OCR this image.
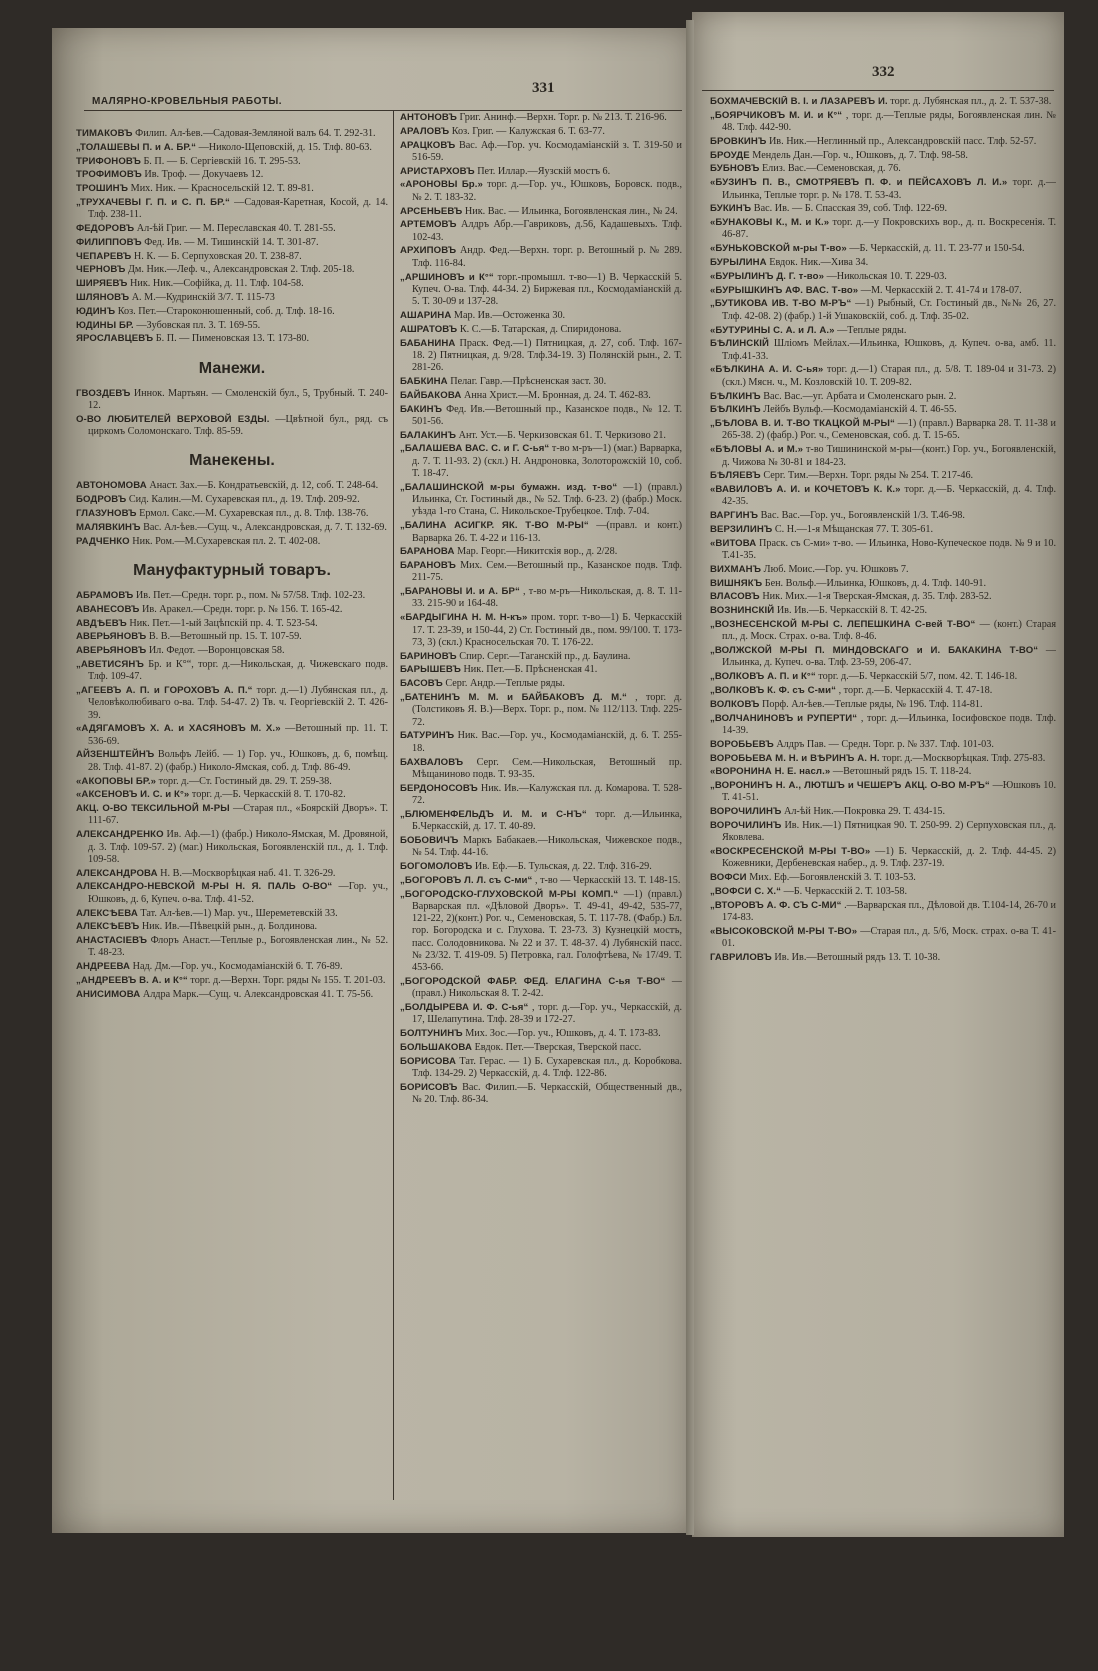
МАЛЯРНО-КРОВЕЛЬНЫЯ РАБОТЫ.
331
332
ТИМАКОВЪ Филип. Ал-ѣев.—Садовая-Земляной валъ 64. Т. 292-31.
„ТОЛАШЕВЫ П. и А. БР.“ —Николо-Щеповскій, д. 15. Тлф. 80-63.
ТРИФОНОВЪ Б. П. — Б. Сергіевскій 16. Т. 295-53.
ТРОФИМОВЪ Ив. Троф. — Докучаевъ 12.
ТРОШИНЪ Мих. Ник. — Красносельскій 12. Т. 89-81.
„ТРУХАЧЕВЫ Г. П. и С. П. БР.“ —Садовая-Каретная, Косой, д. 14. Тлф. 238-11.
ФЕДОРОВЪ Ал-ѣй Григ. — М. Переславская 40. Т. 281-55.
ФИЛИППОВЪ Фед. Ив. — М. Тишинскій 14. Т. 301-87.
ЧЕПАРЕВЪ Н. К. — Б. Серпуховская 20. Т. 238-87.
ЧЕРНОВЪ Дм. Ник.—Леф. ч., Александровская 2. Тлф. 205-18.
ШИРЯЕВЪ Ник. Ник.—Софійка, д. 11. Тлф. 104-58.
ШЛЯНОВЪ А. М.—Кудринскій 3/7. Т. 115-73
ЮДИНЪ Коз. Пет.—Староконюшенный, соб. д. Тлф. 18-16.
ЮДИНЫ БР. —Зубовская пл. 3. Т. 169-55.
ЯРОСЛАВЦЕВЪ Б. П. — Пименовская 13. Т. 173-80.
Манежи.
ГВОЗДЕВЪ Иннок. Мартьян. — Смоленскій бул., 5, Трубный. Т. 240-12.
О-ВО ЛЮБИТЕЛЕЙ ВЕРХОВОЙ ЕЗДЫ. —Цвѣтной бул., ряд. съ циркомъ Соломонскаго. Тлф. 85-59.
Манекены.
АВТОНОМОВА Анаст. Зах.—Б. Кондратьевскій, д. 12, соб. Т. 248-64.
БОДРОВЪ Сид. Калин.—М. Сухаревская пл., д. 19. Тлф. 209-92.
ГЛАЗУНОВЪ Ермол. Сакс.—М. Сухаревская пл., д. 8. Тлф. 138-76.
МАЛЯВКИНЪ Вас. Ал-ѣев.—Сущ. ч., Александровская, д. 7. Т. 132-69.
РАДЧЕНКО Ник. Ром.—М.Сухаревская пл. 2. Т. 402-08.
Мануфактурный товаръ.
АБРАМОВЪ Ив. Пет.—Средн. торг. р., пом. № 57/58. Тлф. 102-23.
АВАНЕСОВЪ Ив. Аракел.—Средн. торг. р. № 156. Т. 165-42.
АВДѢЕВЪ Ник. Пет.—1-ый Зацѣпскій пр. 4. Т. 523-54.
АВЕРЬЯНОВЪ В. В.—Ветошный пр. 15. Т. 107-59.
АВЕРЬЯНОВЪ Ил. Федот. —Воронцовская 58.
„АВЕТИСЯНЪ Бр. и К°“, торг. д.—Никольская, д. Чижевскаго подв. Тлф. 109-47.
„АГЕЕВЪ А. П. и ГОРОХОВЪ А. П.“ торг. д.—1) Лубянская пл., д. Человѣколюбиваго о-ва. Тлф. 54-47. 2) Тв. ч. Георгіевскій 2. Т. 426-39.
«АДЯГАМОВЪ Х. А. и ХАСЯНОВЪ М. Х.» —Ветошный пр. 11. Т. 536-69.
АЙЗЕНШТЕЙНЪ Вольфъ Лейб. — 1) Гор. уч., Юшковъ, д. 6, помѣщ. 28. Тлф. 41-87. 2) (фабр.) Николо-Ямская, соб. д. Тлф. 86-49.
«АКОПОВЫ БР.» торг. д.—Ст. Гостиный дв. 29. Т. 259-38.
«АКСЕНОВЪ И. С. и К°» торг. д.—Б. Черкасскій 8. Т. 170-82.
АКЦ. О-ВО ТЕКСИЛЬНОЙ М-РЫ —Старая пл., «Боярскій Дворъ». Т. 111-67.
АЛЕКСАНДРЕНКО Ив. Аф.—1) (фабр.) Николо-Ямская, М. Дровяной, д. 3. Тлф. 109-57. 2) (маг.) Никольская, Богоявленскій пл., д. 1. Тлф. 109-58.
АЛЕКСАНДРОВА Н. В.—Москворѣцкая наб. 41. Т. 326-29.
АЛЕКСАНДРО-НЕВСКОЙ М-РЫ Н. Я. ПАЛЬ О-ВО“ —Гор. уч., Юшковъ, д. 6, Купеч. о-ва. Тлф. 41-52.
АЛЕКСѢЕВА Тат. Ал-ѣев.—1) Мар. уч., Шереметевскій 33.
АЛЕКСѢЕВЪ Ник. Ив.—Пѣвецкій рын., д. Болдинова.
АНАСТАСІЕВЪ Флоръ Анаст.—Теплые р., Богоявленская лин., № 52. Т. 48-23.
АНДРЕЕВА Над. Дм.—Гор. уч., Космодаміанскій 6. Т. 76-89.
„АНДРЕЕВЪ В. А. и К°“ торг. д.—Верхн. Торг. ряды № 155. Т. 201-03.
АНИСИМОВА Алдра Марк.—Сущ. ч. Александровская 41. Т. 75-56.
АНТОНОВЪ Григ. Анинф.—Верхн. Торг. р. № 213. Т. 216-96.
АРАЛОВЪ Коз. Григ. — Калужская 6. Т. 63-77.
АРАЦКОВЪ Вас. Аф.—Гор. уч. Космодаміанскій з. Т. 319-50 и 516-59.
АРИСТАРХОВЪ Пет. Иллар.—Яузскій мостъ 6.
«АРОНОВЫ Бр.» торг. д.—Гор. уч., Юшковъ, Боровск. подв., № 2. Т. 183-32.
АРСЕНЬЕВЪ Ник. Вас. — Ильинка, Богоявленская лин., № 24.
АРТЕМОВЪ Алдръ Абр.—Гавриковъ, д.56, Кадашевыхъ. Тлф. 102-43.
АРХИПОВЪ Андр. Фед.—Верхн. торг. р. Ветошный р. № 289. Тлф. 116-84.
„АРШИНОВЪ и К°“ торг.-промышл. т-во—1) В. Черкасскій 5. Купеч. О-ва. Тлф. 44-34. 2) Биржевая пл., Космодаміанскій д. 5. Т. 30-09 и 137-28.
АШАРИНА Мар. Ив.—Остоженка 30.
АШРАТОВЪ К. С.—Б. Татарская, д. Спиридонова.
БАБАНИНА Праск. Фед.—1) Пятницкая, д. 27, соб. Тлф. 167-18. 2) Пятницкая, д. 9/28. Тлф.34-19. 3) Полянскій рын., 2. Т. 281-26.
БАБКИНА Пелаг. Гавр.—Прѣсненская заст. 30.
БАЙБАКОВА Анна Христ.—М. Бронная, д. 24. Т. 462-83.
БАКИНЪ Фед. Ив.—Ветошный пр., Казанское подв., № 12. Т. 501-56.
БАЛАКИНЪ Ант. Уст.—Б. Черкизовская 61. Т. Черкизово 21.
„БАЛАШЕВА ВАС. С. и Г. С-ья“ т-во м-ръ—1) (маг.) Варварка, д. 7. Т. 11-93. 2) (скл.) Н. Андроновка, Золоторожскій 10, соб. Т. 18-47.
„БАЛАШИНСКОЙ м-ры бумажн. изд. т-во“ —1) (правл.) Ильинка, Ст. Гостиный дв., № 52. Тлф. 6-23. 2) (фабр.) Моск. уѣзда 1-го Стана, С. Никольское-Трубецкое. Тлф. 7-04.
„БАЛИНА АСИГКР. ЯК. Т-ВО М-РЫ“ —(правл. и конт.) Варварка 26. Т. 4-22 и 116-13.
БАРАНОВА Мар. Георг.—Никитскія вор., д. 2/28.
БАРАНОВЪ Мих. Сем.—Ветошный пр., Казанское подв. Тлф. 211-75.
„БАРАНОВЫ И. и А. БР“ , т-во м-ръ—Никольская, д. 8. Т. 11-33. 215-90 и 164-48.
«БАРДЫГИНА Н. М. Н-къ» пром. торг. т-во—1) Б. Черкасскій 17. Т. 23-39, и 150-44, 2) Ст. Гостиный дв., пом. 99/100. Т. 173-73, 3) (скл.) Красносельская 70. Т. 176-22.
БАРИНОВЪ Спир. Серг.—Таганскій пр., д. Баулина.
БАРЫШЕВЪ Ник. Пет.—Б. Прѣсненская 41.
БАСОВЪ Серг. Андр.—Теплые ряды.
„БАТЕНИНЪ М. М. и БАЙБАКОВЪ Д. М.“ , торг. д. (Толстиковъ Я. В.)—Верх. Торг. р., пом. № 112/113. Тлф. 225-72.
БАТУРИНЪ Ник. Вас.—Гор. уч., Космодаміанскій, д. 6. Т. 255-18.
БАХВАЛОВЪ Серг. Сем.—Никольская, Ветошный пр. Мѣщаниново подв. Т. 93-35.
БЕРДОНОСОВЪ Ник. Ив.—Калужская пл. д. Комарова. Т. 528-72.
„БЛЮМЕНФЕЛЬДЪ И. М. и С-НЪ“ торг. д.—Ильинка, Б.Черкасскій, д. 17. Т. 40-89.
БОБОВИЧЪ Маркъ Бабакаев.—Никольская, Чижевское подв., № 54. Тлф. 44-16.
БОГОМОЛОВЪ Ив. Еф.—Б. Тульская, д. 22. Тлф. 316-29.
„БОГОРОВЪ Л. Л. съ С-ми“ , т-во — Черкасскій 13. Т. 148-15.
„БОГОРОДСКО-ГЛУХОВСКОЙ М-РЫ КОМП.“ —1) (правл.) Варварская пл. «Дѣловой Дворъ». Т. 49-41, 49-42, 535-77, 121-22, 2)(конт.) Рог. ч., Семеновская, 5. Т. 117-78. (Фабр.) Бл. гор. Богородска и с. Глухова. Т. 23-73. 3) Кузнецкій мостъ, пасс. Солодовникова. № 22 и 37. Т. 48-37. 4) Лубянскій пасс. № 23/32. Т. 419-09. 5) Петровка, гал. Голофтѣева, № 17/49. Т. 453-66.
„БОГОРОДСКОЙ ФАБР. ФЕД. ЕЛАГИНА С-ья Т-ВО“ —(правл.) Никольская 8. Т. 2-42.
„БОЛДЫРЕВА И. Ф. С-ья“ , торг. д.—Гор. уч., Черкасскій, д. 17, Шелапутина. Тлф. 28-39 и 172-27.
БОЛТУНИНЪ Мих. Зос.—Гор. уч., Юшковъ, д. 4. Т. 173-83.
БОЛЬШАКОВА Евдок. Пет.—Тверская, Тверской пасс.
БОРИСОВА Тат. Герас. — 1) Б. Сухаревская пл., д. Коробкова. Тлф. 134-29. 2) Черкасскій, д. 4. Тлф. 122-86.
БОРИСОВЪ Вас. Филип.—Б. Черкасскій, Общественный дв., № 20. Тлф. 86-34.
БОХМАЧЕВСКІЙ В. І. и ЛАЗАРЕВЪ И. торг. д. Лубянская пл., д. 2. Т. 537-38.
„БОЯРЧИКОВЪ М. И. и К°“ , торг. д.—Теплые ряды, Богоявленская лин. № 48. Тлф. 442-90.
БРОВКИНЪ Ив. Ник.—Неглинный пр., Александровскій пасс. Тлф. 52-57.
БРОУДЕ Мендель Дан.—Гор. ч., Юшковъ, д. 7. Тлф. 98-58.
БУБНОВЪ Елиз. Вас.—Семеновская, д. 76.
«БУЗИНЪ П. В., СМОТРЯЕВЪ П. Ф. и ПЕЙСАХОВЪ Л. И.» торг. д.—Ильинка, Теплые торг. р. № 178. Т. 53-43.
БУКИНЪ Вас. Ив. — Б. Спасская 39, соб. Тлф. 122-69.
«БУНАКОВЫ К., М. и К.» торг. д.—у Покровскихъ вор., д. п. Воскресенія. Т. 46-87.
«БУНЬКОВСКОЙ м-ры Т-во» —Б. Черкасскій, д. 11. Т. 23-77 и 150-54.
БУРЫЛИНА Евдок. Ник.—Хива 34.
«БУРЫЛИНЪ Д. Г. т-во» —Никольская 10. Т. 229-03.
«БУРЫШКИНЪ АФ. ВАС. Т-во» —М. Черкасскій 2. Т. 41-74 и 178-07.
„БУТИКОВА ИВ. Т-ВО М-РЪ“ —1) Рыбный, Ст. Гостиный дв., №№ 26, 27. Тлф. 42-08. 2) (фабр.) 1-й Ушаковскій, соб. д. Тлф. 35-02.
«БУТУРИНЫ С. А. и Л. А.» —Теплые ряды.
БѢЛИНСКІЙ Шлiомъ Мейлах.—Ильинка, Юшковъ, д. Купеч. о-ва, амб. 11. Тлф.41-33.
«БѢЛКИНА А. И. С-ья» торг. д.—1) Старая пл., д. 5/8. Т. 189-04 и 31-73. 2) (скл.) Мясн. ч., М. Козловскій 10. Т. 209-82.
БѢЛКИНЪ Вас. Вас.—уг. Арбата и Смоленскаго рын. 2.
БѢЛКИНЪ Лейбъ Вульф.—Космодаміанскій 4. Т. 46-55.
„БѢЛОВА В. И. Т-ВО ТКАЦКОЙ М-РЫ“ —1) (правл.) Варварка 28. Т. 11-38 и 265-38. 2) (фабр.) Рог. ч., Семеновская, соб. д. Т. 15-65.
«БѢЛОВЫ А. и М.» т-во Тишининской м-ры—(конт.) Гор. уч., Богоявленскій, д. Чижова № 30-81 и 184-23.
БѢЛЯЕВЪ Серг. Тим.—Верхн. Торг. ряды № 254. Т. 217-46.
«ВАВИЛОВЪ А. И. и КОЧЕТОВЪ К. К.» торг. д.—Б. Черкасскій, д. 4. Тлф. 42-35.
ВАРГИНЪ Вас. Вас.—Гор. уч., Богоявленскій 1/3. Т.46-98.
ВЕРЗИЛИНЪ С. Н.—1-я Мѣщанская 77. Т. 305-61.
«ВИТОВА Праск. съ С-ми» т-во. — Ильинка, Ново-Купеческое подв. № 9 и 10. Т.41-35.
ВИХМАНЪ Люб. Моис.—Гор. уч. Юшковъ 7.
ВИШНЯКЪ Бен. Вольф.—Ильинка, Юшковъ, д. 4. Тлф. 140-91.
ВЛАСОВЪ Ник. Мих.—1-я Тверская-Ямская, д. 35. Тлф. 283-52.
ВОЗНИНСКІЙ Ив. Ив.—Б. Черкасскій 8. Т. 42-25.
„ВОЗНЕСЕНСКОЙ М-РЫ С. ЛЕПЕШКИНА С-вей Т-ВО“ — (конт.) Старая пл., д. Моск. Страх. о-ва. Тлф. 8-46.
„ВОЛЖСКОЙ М-РЫ П. МИНДОВСКАГО и И. БАКАКИНА Т-ВО“ — Ильинка, д. Купеч. о-ва. Тлф. 23-59, 206-47.
„ВОЛКОВЪ А. П. и К°“ торг. д.—Б. Черкасскій 5/7, пом. 42. Т. 146-18.
„ВОЛКОВЪ К. Ф. съ С-ми“ , торг. д.—Б. Черкасскій 4. Т. 47-18.
ВОЛКОВЪ Порф. Ал-ѣев.—Теплые ряды, № 196. Тлф. 114-81.
„ВОЛЧАНИНОВЪ и РУПЕРТИ“ , торг. д.—Ильинка, Іосифовское подв. Тлф. 14-39.
ВОРОБЬЕВЪ Алдръ Пав. — Средн. Торг. р. № 337. Тлф. 101-03.
ВОРОБЬЕВА М. Н. и ВѢРИНЪ А. Н. торг. д.—Москворѣцкая. Тлф. 275-83.
«ВОРОНИНА Н. Е. насл.» —Ветошный рядъ 15. Т. 118-24.
„ВОРОНИНЪ Н. А., ЛЮТШЪ и ЧЕШЕРЪ АКЦ. О-ВО М-РЪ“ —Юшковъ 10. Т. 41-51.
ВОРОЧИЛИНЪ Ал-ѣй Ник.—Покровка 29. Т. 434-15.
ВОРОЧИЛИНЪ Ив. Ник.—1) Пятницкая 90. Т. 250-99. 2) Серпуховская пл., д. Яковлева.
«ВОСКРЕСЕНСКОЙ М-РЫ Т-ВО» —1) Б. Черкасскій, д. 2. Тлф. 44-45. 2) Кожевники, Дербеневская набер., д. 9. Тлф. 237-19.
ВОФСИ Мих. Еф.—Богоявленскій 3. Т. 103-53.
„ВОФСИ С. Х.“ —Б. Черкасскій 2. Т. 103-58.
„ВТОРОВЪ А. Ф. СЪ С-МИ“ .—Варварская пл., Дѣловой дв. Т.104-14, 26-70 и 174-83.
«ВЫСОКОВСКОЙ М-РЫ Т-ВО» —Старая пл., д. 5/6, Моск. страх. о-ва Т. 41-01.
ГАВРИЛОВЪ Ив. Ив.—Ветошный рядъ 13. Т. 10-38.
